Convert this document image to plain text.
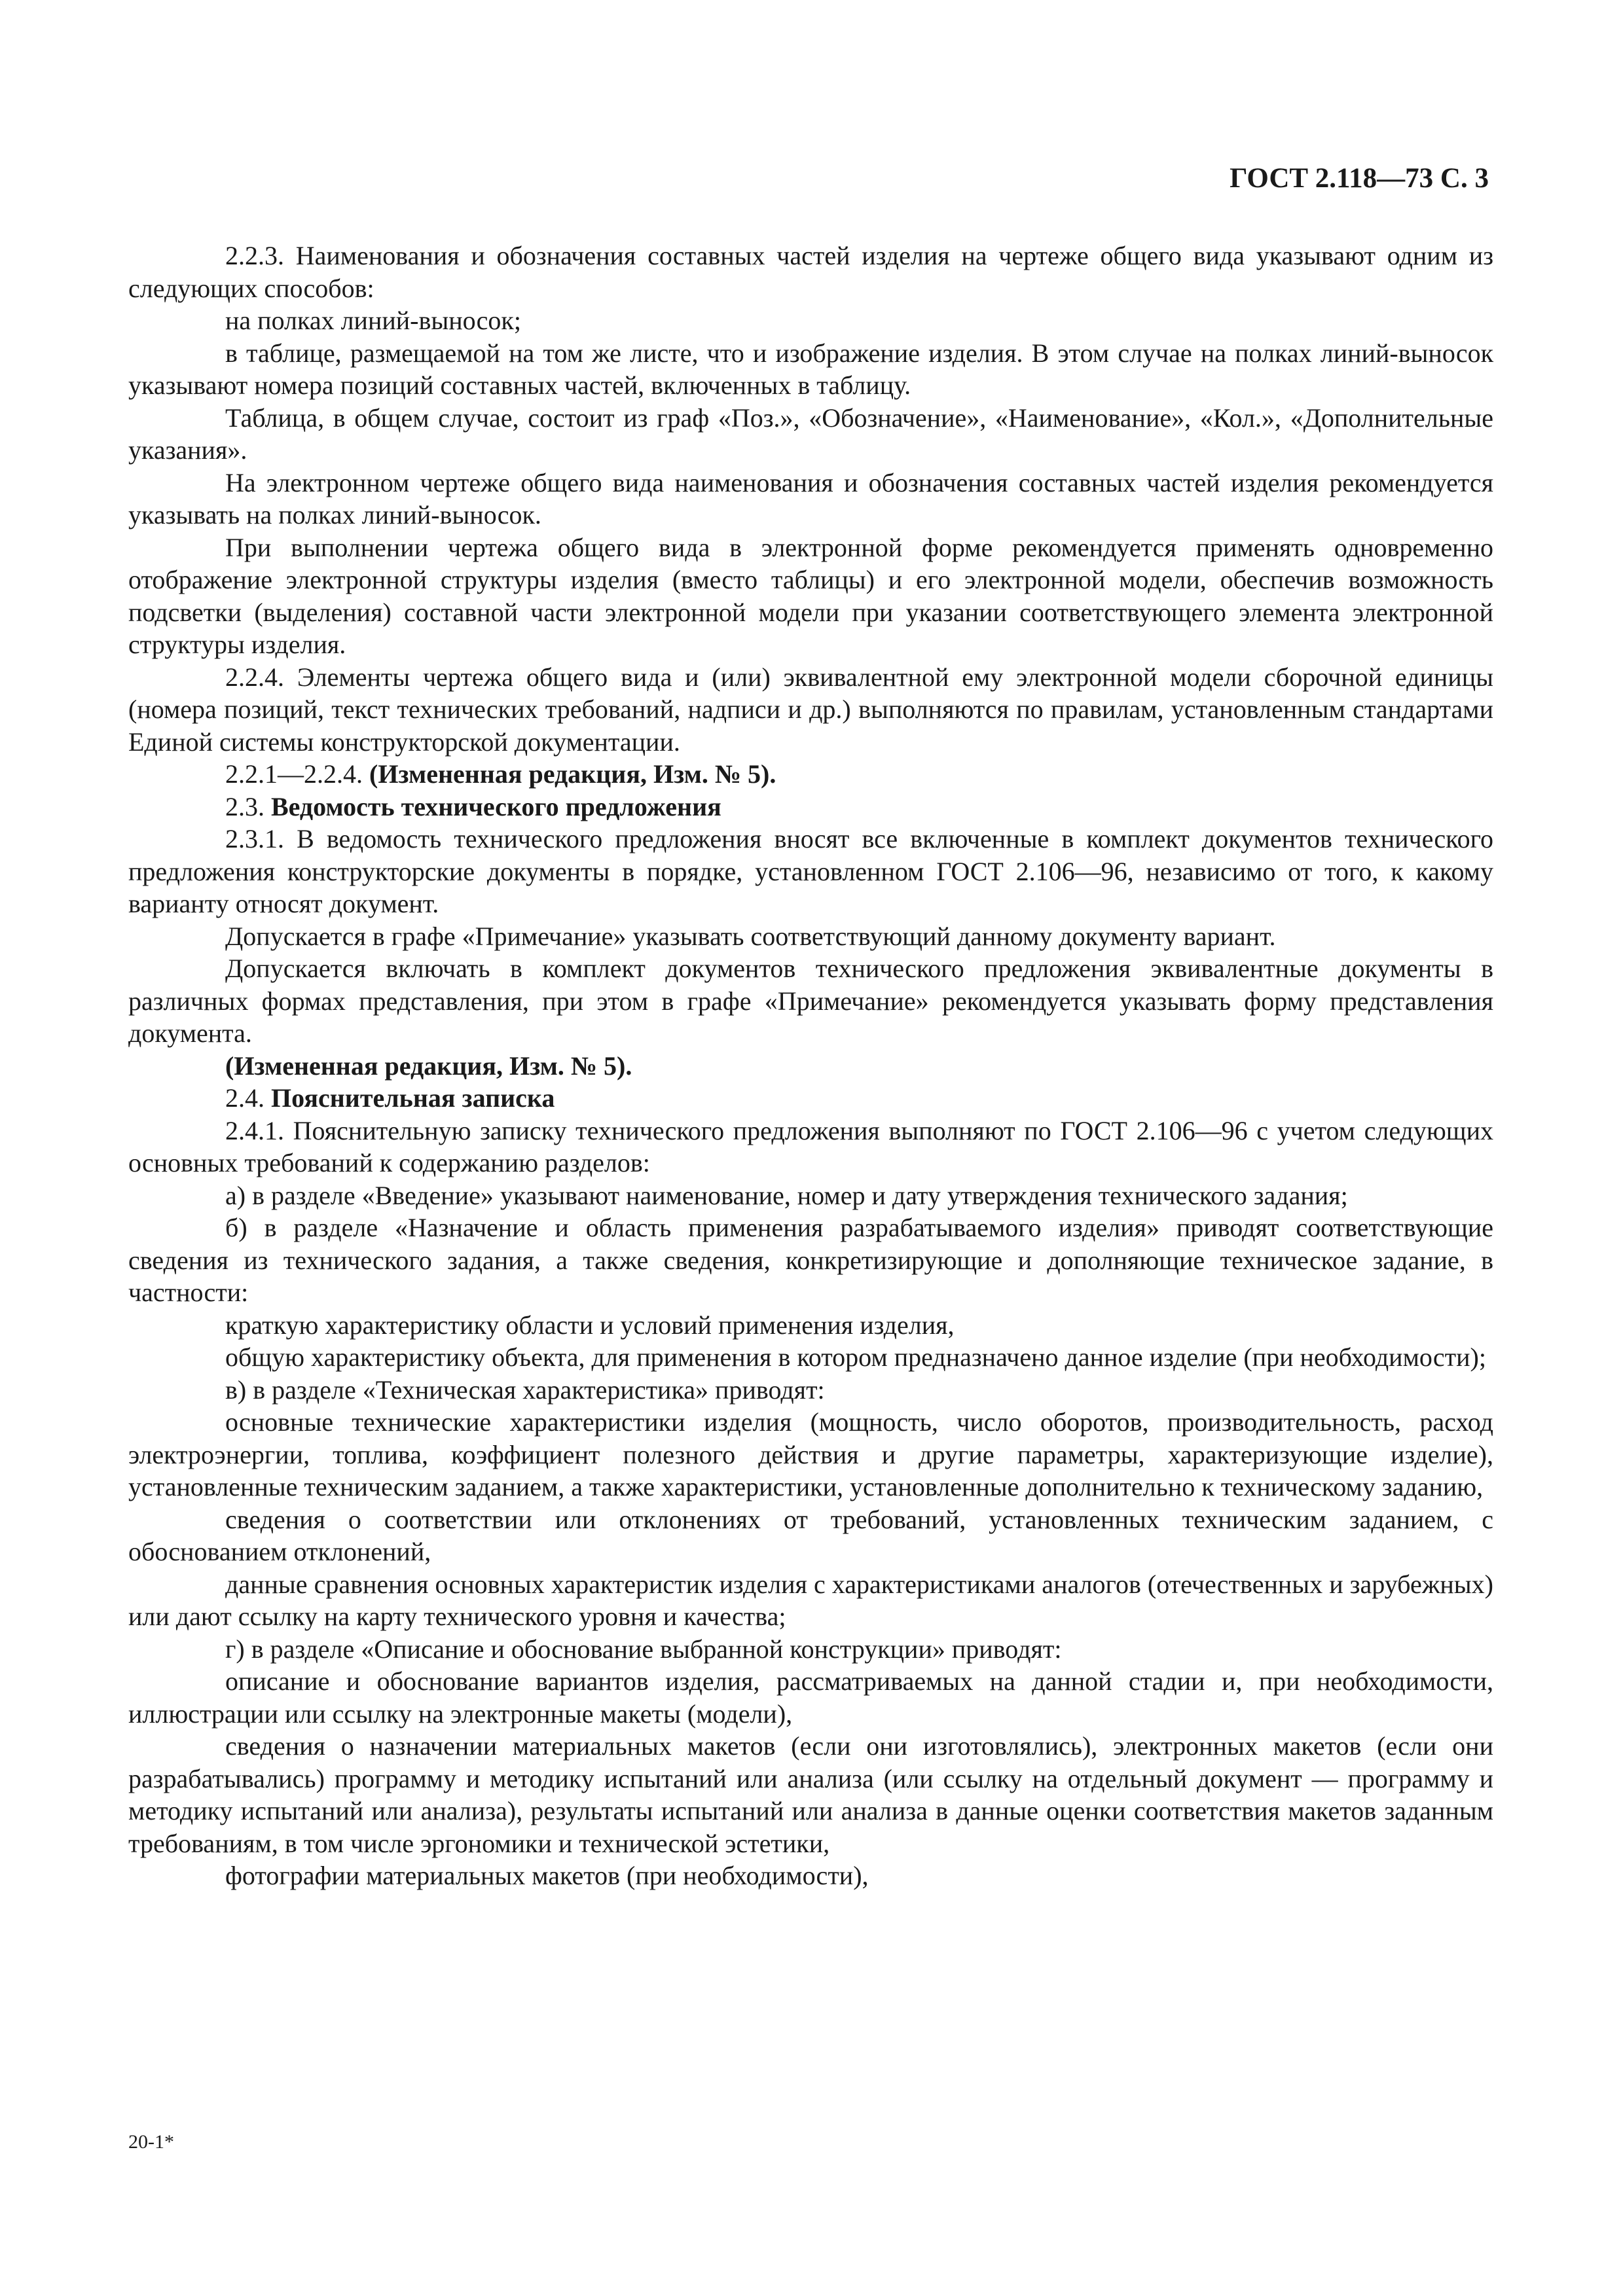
ГОСТ 2.118—73 С. 3

2.2.3. Наименования и обозначения составных частей изделия на чертеже общего вида указывают одним из следующих способов:

на полках линий-выносок;

в таблице, размещаемой на том же листе, что и изображение изделия. В этом случае на полках линий-выносок указывают номера позиций составных частей, включенных в таблицу.

Таблица, в общем случае, состоит из граф «Поз.», «Обозначение», «Наименование», «Кол.», «Дополнительные указания».

На электронном чертеже общего вида наименования и обозначения составных частей изделия рекомендуется указывать на полках линий-выносок.

При выполнении чертежа общего вида в электронной форме рекомендуется применять одновременно отображение электронной структуры изделия (вместо таблицы) и его электронной модели, обеспечив возможность подсветки (выделения) составной части электронной модели при указании соответствующего элемента электронной структуры изделия.

2.2.4. Элементы чертежа общего вида и (или) эквивалентной ему электронной модели сборочной единицы (номера позиций, текст технических требований, надписи и др.) выполняются по правилам, установленным стандартами Единой системы конструкторской документации.

2.2.1—2.2.4. (Измененная редакция, Изм. № 5).

2.3. Ведомость технического предложения

2.3.1. В ведомость технического предложения вносят все включенные в комплект документов технического предложения конструкторские документы в порядке, установленном ГОСТ 2.106—96, независимо от того, к какому варианту относят документ.

Допускается в графе «Примечание» указывать соответствующий данному документу вариант.

Допускается включать в комплект документов технического предложения эквивалентные документы в различных формах представления, при этом в графе «Примечание» рекомендуется указывать форму представления документа.

(Измененная редакция, Изм. № 5).

2.4. Пояснительная записка

2.4.1. Пояснительную записку технического предложения выполняют по ГОСТ 2.106—96 с учетом следующих основных требований к содержанию разделов:

а) в разделе «Введение» указывают наименование, номер и дату утверждения технического задания;

б) в разделе «Назначение и область применения разрабатываемого изделия» приводят соответствующие сведения из технического задания, а также сведения, конкретизирующие и дополняющие техническое задание, в частности:

краткую характеристику области и условий применения изделия,

общую характеристику объекта, для применения в котором предназначено данное изделие (при необходимости);

в) в разделе «Техническая характеристика» приводят:

основные технические характеристики изделия (мощность, число оборотов, производительность, расход электроэнергии, топлива, коэффициент полезного действия и другие параметры, характеризующие изделие), установленные техническим заданием, а также характеристики, установленные дополнительно к техническому заданию,

сведения о соответствии или отклонениях от требований, установленных техническим заданием, с обоснованием отклонений,

данные сравнения основных характеристик изделия с характеристиками аналогов (отечественных и зарубежных) или дают ссылку на карту технического уровня и качества;

г) в разделе «Описание и обоснование выбранной конструкции» приводят:

описание и обоснование вариантов изделия, рассматриваемых на данной стадии и, при необходимости, иллюстрации или ссылку на электронные макеты (модели),

сведения о назначении материальных макетов (если они изготовлялись), электронных макетов (если они разрабатывались) программу и методику испытаний или анализа (или ссылку на отдельный документ — программу и методику испытаний или анализа), результаты испытаний или анализа в данные оценки соответствия макетов заданным требованиям, в том числе эргономики и технической эстетики,

фотографии материальных макетов (при необходимости),

20-1*
